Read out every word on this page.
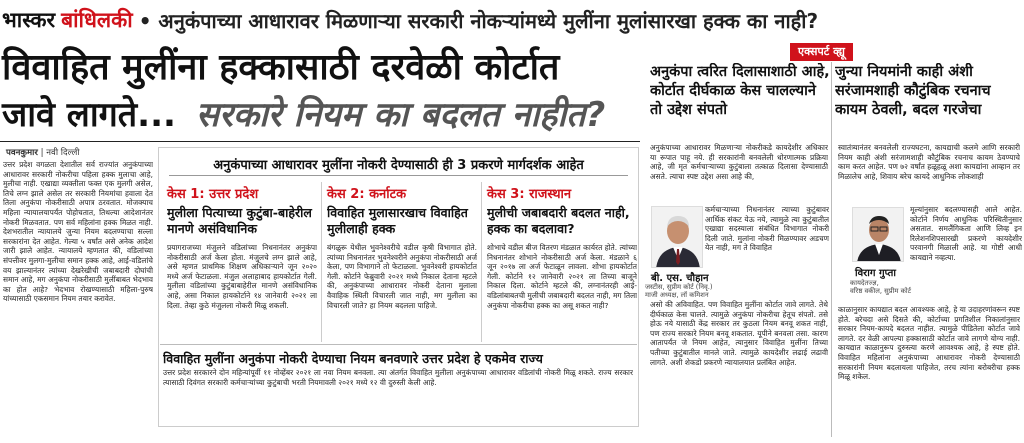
भास्कर बांधिलकी • अनुकंपाच्या आधारावर मिळणाऱ्या सरकारी नोकऱ्यांमध्ये मुलींना मुलांसारखा हक्क का नाही?
विवाहित मुलींना हक्कासाठी दरवेळी कोर्टात
जावे लागते... सरकारे नियम का बदलत नाहीत?
पवनकुमार | नवी दिल्ली
उत्तर प्रदेश वगळता देशातील सर्व राज्यांत अनुकंपाच्या आधारावर सरकारी नोकरीचा पहिला हक्क मुलाचा आहे, मुलीचा नाही. एखाद्या व्यक्तीला फक्त एक मुलगी असेल, तिचे लग्न झाले असेल तर सरकारी नियमांचा हवाला देत तिला अनुकंपा नोकरीसाठी अपात्र ठरवतात. मोजक्याच महिला न्यायालयापर्यंत पोहोचतात, तिथल्या आदेशानंतर नोकरी मिळवतात. पण सर्व महिलांना हक्क मिळत नाही. देशभरातील न्यायालये जुन्या नियम बदलण्याचा सल्ला सरकारांना देत आहेत. गेल्या ५ वर्षांत असे अनेक आदेश जारी झाले आहेत. न्यायालये म्हणतात की, वडिलांच्या संपत्तीवर मुलगा-मुलीचा समान हक्क आहे, आई-वडिलांचे वय झाल्यानंतर त्यांच्या देखरेखीची जबाबदारी दोघांची समान आहे, मग अनुकंपा नोकरीसाठी मुलींबाबत भेदभाव का होत आहे? भेदभाव रोखण्यासाठी महिला-पुरुष यांच्यासाठी एकसमान नियम तयार करावेत.
अनुकंपाच्या आधारावर मुलींना नोकरी देण्यासाठी ही 3 प्रकरणे मार्गदर्शक आहेत
केस 1: उत्तर प्रदेश
मुलीला पित्याच्या कुटुंबा-बाहेरील मानणे असंविधानिक
प्रयागराजच्या मंजुलने वडिलांच्या निधनानंतर अनुकंपा नोकरीसाठी अर्ज केला होता. मंजुलचे लग्न झाले आहे, असे म्हणत प्राथमिक शिक्षण अधिकाऱ्याने जून २०२० मध्ये अर्ज फेटाळला. मंजुल अलाहाबाद हायकोर्टात गेली. मुलीला वडिलांच्या कुटुंबाबाहेरील मानणे असंविधानिक आहे, असा निकाल हायकोर्टाने १४ जानेवारी २०२१ ला दिला. तेव्हा कुठे मंजुलला नोकरी मिळू शकली.
केस 2: कर्नाटक
विवाहित मुलासारखाच विवाहित मुलीलाही हक्क
बंगळुरू येथील भुवनेश्वरीचे वडील कृषी विभागात होते. त्यांच्या निधनानंतर भुवनेश्वरीने अनुकंपा नोकरीसाठी अर्ज केला, पण विभागाने तो फेटाळला. भुवनेश्वरी हायकोर्टात गेली. कोर्टाने फेब्रुवारी २०२१ मध्ये निकाल देताना म्हटले की, अनुकंपाच्या आधारावर नोकरी देताना मुलाला वैवाहिक स्थिती विचारली जात नाही, मग मुलीला का विचारली जाते? हा नियम बदलला पाहिजे.
केस 3: राजस्थान
मुलीची जबाबदारी बदलत नाही, हक्क का बदलावा?
शोभाचे वडील बीज वितरण मंडळात कार्यरत होते. त्यांच्या निधनानंतर शोभाने नोकरीसाठी अर्ज केला. मंडळाने ६ जून २०१७ ला अर्ज फेटाळून लावला. शोभा हायकोर्टात गेली. कोर्टाने १२ जानेवारी २०२१ ला तिच्या बाजूने निकाल दिला. कोर्टाने म्हटले की, लग्नानंतरही आई-वडिलांबाबतची मुलीची जबाबदारी बदलत नाही, मग तिला अनुकंपा नोकरीचा हक्क का असू शकत नाही?
विवाहित मुलींना अनुकंपा नोकरी देण्याचा नियम बनवणारे उत्तर प्रदेश हे एकमेव राज्य
उत्तर प्रदेश सरकारने दोन महिन्यांपूर्वी ११ नोव्हेंबर २०२१ ला नवा नियम बनवला. त्या अंतर्गत विवाहित मुलीला अनुकंपाच्या आधारावर वडिलांची नोकरी मिळू शकते. राज्य सरकार त्यासाठी दिवंगत सरकारी कर्मचाऱ्यांच्या कुटुंबाची भरती नियमावली २०२१ मध्ये १२ वी दुरुस्ती केली आहे.
एक्सपर्ट व्ह्यू
अनुकंपा त्वरित दिलासाशाठी आहे, कोर्टात दीर्घकाळ केस चालल्याने तो उद्देश संपतो
जुन्या नियमांनी काही अंशी सरंजामशाही कौटुंबिक रचनाच कायम ठेवली, बदल गरजेचा
अनुकंपाच्या आधारावर मिळणाऱ्या नोकरीकडे कायदेशीर अधिकार या रूपात पाहू नये. ही सरकारांनी बनवलेली धोरणात्मक प्रक्रिया आहे, जी मृत कर्मचाऱ्याच्या कुटुंबाला तत्काळ दिलासा देण्यासाठी असते. त्याचा स्पष्ट उद्देश असा आहे की,
स्वातंत्र्यानंतर बनवलेली राज्यघटना, कायद्याची कलमे आणि सरकारी नियम काही अंशी सरंजामशाही कौटुंबिक रचनाच कायम ठेवण्याचे काम करत आहेत. पण ७२ वर्षांत हळूहळू अशा कायद्यांना आव्हान तर मिळालेच आहे, शिवाय बरेच कायदे आधुनिक लोकशाही
बी. एस. चौहान
जस्टीस, सुप्रीम कोर्ट (निवृ.)
माजी अध्यक्ष, लॉ कमिशन
विराग गुप्ता
कायदेतज्ज्ञ,
वरिष्ठ वकील, सुप्रीम कोर्ट
कर्मचाऱ्याच्या निधनानंतर त्याच्या कुटुंबावर आर्थिक संकट येऊ नये, त्यामुळे त्या कुटुंबातील एखाद्या सदस्याला संबंधित विभागात नोकरी दिली जाते. मुलांना नोकरी मिळण्यावर अडचण येत नाही, मग ते विवाहित
असो की अविवाहित. पण विवाहित मुलींना कोर्टात जावे लागते. तेथे दीर्घकाळ केस चालते. त्यामुळे अनुकंपा नोकरीचा हेतूच संपतो. तसे होऊ नये यासाठी केंद्र सरकार तर कुठला नियम बनवू शकत नाही, पण राज्य सरकारे नियम बनवू शकतात. यूपीने बनवला तसा. कारण आतापर्यंत जे नियम आहेत, त्यानुसार विवाहित मुलींना तिच्या पतीच्या कुटुंबातील मानले जाते. त्यामुळे कायदेशीर लढाई लढावी लागते. अशी शेकडो प्रकरणे न्यायालयात प्रलंबित आहेत.
मूल्यांनुसार बदलण्यासही आले आहेत. कोर्टाने निर्णय आधुनिक परिस्थितीनुसार असतात. समलैंगिकता आणि लिव्ह इन रिलेशनशिपसारखी प्रकरणे कायदेशीर परवानगी मिळाली आहे. या गोष्टी आधी कायद्याने नव्हत्या.
काळानुसार कायद्यात बदल आवश्यक आहे, हे या उदाहरणांवरून स्पष्ट होते. बरेचदा असे दिसते की, कोर्टाच्या प्रगतिशील निकालांनुसार सरकार नियम-कायदे बदलत नाहीत. त्यामुळे पीडितेला कोर्टात जावे लागते. दर वेळी आपल्या हक्कासाठी कोर्टात जावे लागणे योग्य नाही. कायद्यात काळानुरूप दुरुस्त्या करणे आवश्यक आहे, हे स्पष्ट होते. विवाहित महिलांना अनुकंपाच्या आधारावर नोकरी देण्यासाठी सरकारांनी नियम बदलायला पाहिजेत, तरच त्यांना बरोबरीचा हक्क मिळू शकेल.
